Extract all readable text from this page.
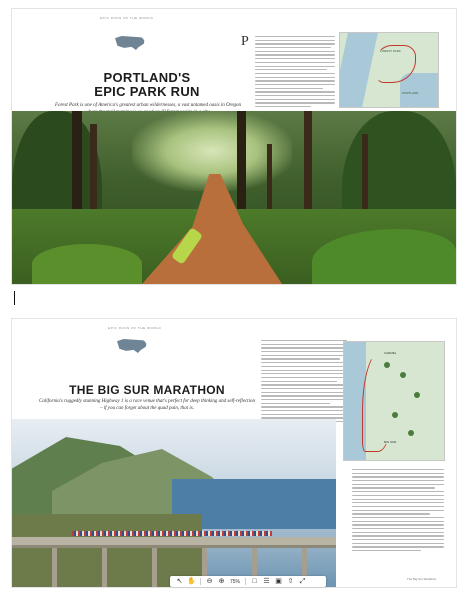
EPIC RUNS OF THE WORLD
PORTLAND'S
EPIC PARK RUN
Forest Park is one of America's greatest urban wildernesses, a vast untamed oasis in Oregon
P
FOREST PARK
PORTLAND
EPIC RUNS OF THE WORLD
THE BIG SUR MARATHON
California's ruggedly stunning Highway 1 is a race venue that's perfect for deep thinking and self-reflection – if you can forget about the quad pain, that is.
CARMEL
BIG SUR
The Big Sur Marathon
↖ ✋ ⊖ ⊕ 75% □ ☰ ▣ ⇧ ⤢
